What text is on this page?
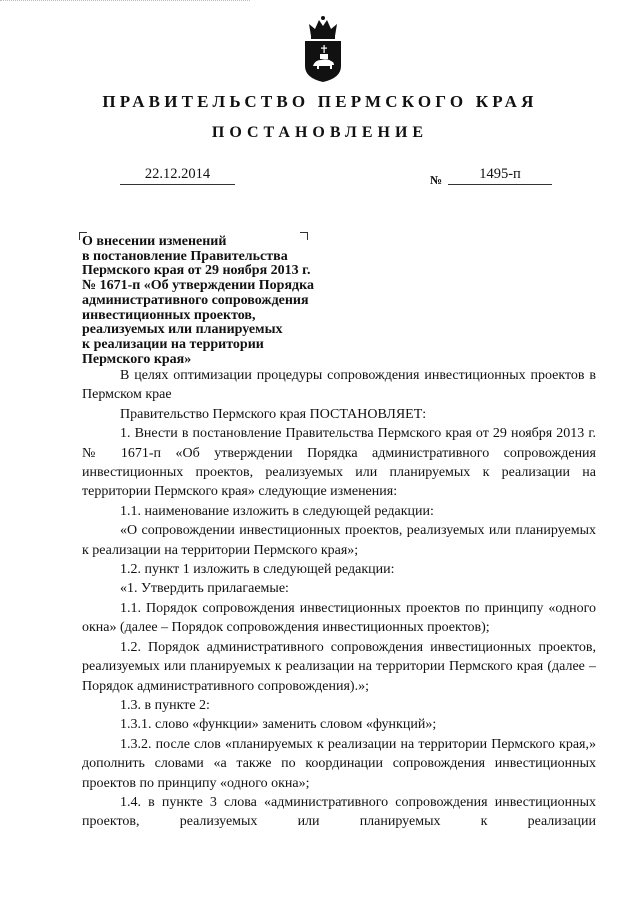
ПРАВИТЕЛЬСТВО ПЕРМСКОГО КРАЯ
ПОСТАНОВЛЕНИЕ
22.12.2014	№	1495-п
О внесении изменений
в постановление Правительства
Пермского края от 29 ноября 2013 г.
№ 1671-п «Об утверждении Порядка
административного сопровождения
инвестиционных проектов,
реализуемых или планируемых
к реализации на территории
Пермского края»

В целях оптимизации процедуры сопровождения инвестиционных проектов в Пермском крае

Правительство Пермского края ПОСТАНОВЛЯЕТ:

1. Внести в постановление Правительства Пермского края от 29 ноября 2013 г. № 1671-п «Об утверждении Порядка административного сопровождения инвестиционных проектов, реализуемых или планируемых к реализации на территории Пермского края» следующие изменения:

1.1. наименование изложить в следующей редакции:

«О сопровождении инвестиционных проектов, реализуемых или планируемых к реализации на территории Пермского края»;

1.2. пункт 1 изложить в следующей редакции:

«1. Утвердить прилагаемые:

1.1. Порядок сопровождения инвестиционных проектов по принципу «одного окна» (далее – Порядок сопровождения инвестиционных проектов);

1.2. Порядок административного сопровождения инвестиционных проектов, реализуемых или планируемых к реализации на территории Пермского края (далее – Порядок административного сопровождения).»;

1.3. в пункте 2:

1.3.1. слово «функции» заменить словом «функций»;

1.3.2. после слов «планируемых к реализации на территории Пермского края,» дополнить словами «а также по координации сопровождения инвестиционных проектов по принципу «одного окна»;

1.4. в пункте 3 слова «административного сопровождения инвестиционных проектов, реализуемых или планируемых к реализации
